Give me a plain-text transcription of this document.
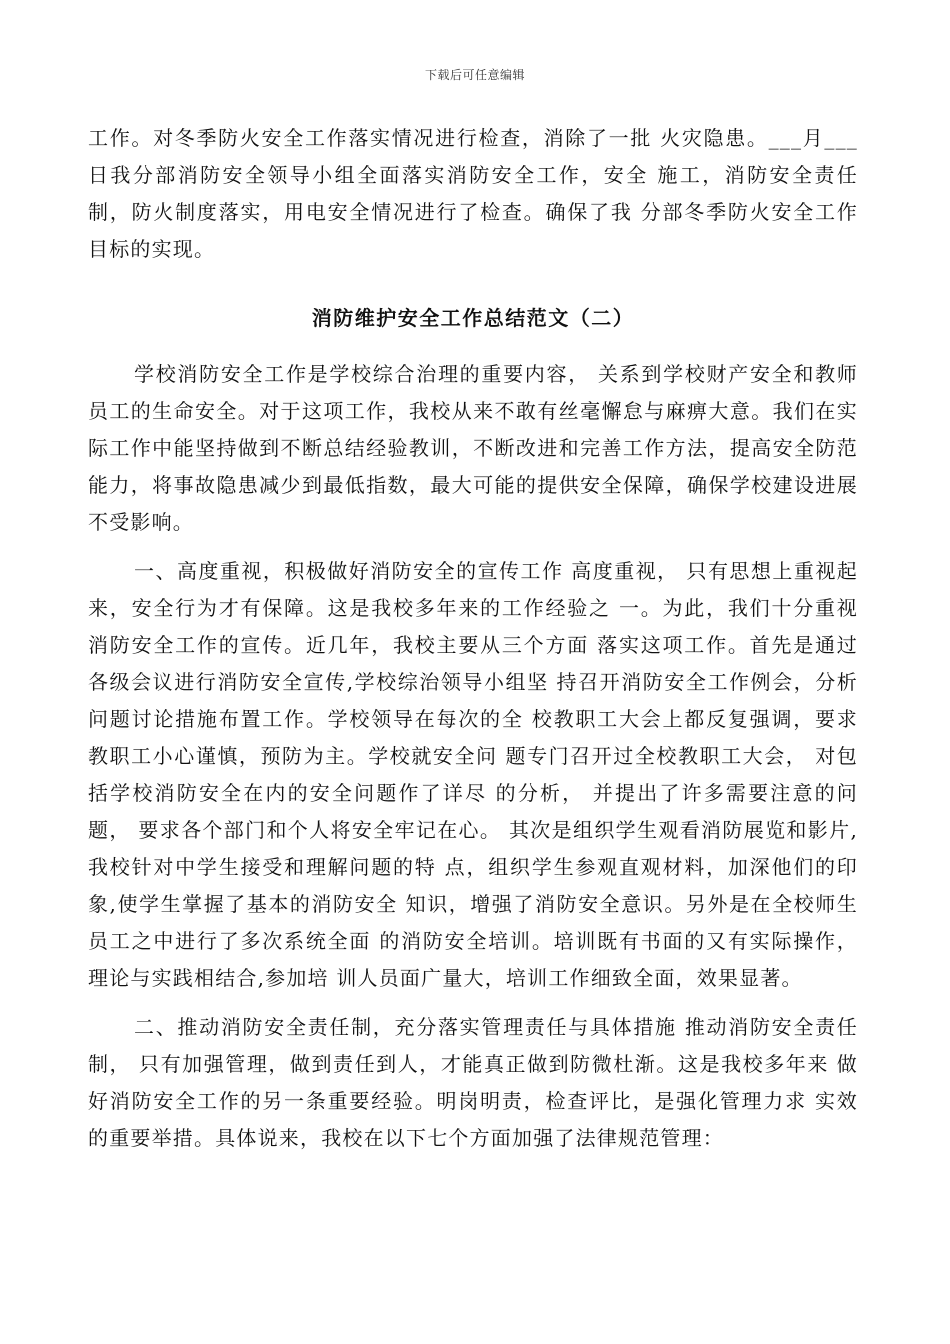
下载后可任意编辑

工作。对冬季防火安全工作落实情况进行检查，消除了一批 火灾隐患。___月___日我分部消防安全领导小组全面落实消防安全工作，安全 施工，消防安全责任制，防火制度落实，用电安全情况进行了检查。确保了我 分部冬季防火安全工作目标的实现。

消防维护安全工作总结范文（二）

学校消防安全工作是学校综合治理的重要内容， 关系到学校财产安全和教师员工的生命安全。对于这项工作，我校从来不敢有丝毫懈怠与麻痹大意。我们在实际工作中能坚持做到不断总结经验教训，不断改进和完善工作方法，提高安全防范能力，将事故隐患减少到最低指数，最大可能的提供安全保障，确保学校建设进展不受影响。

一、高度重视，积极做好消防安全的宣传工作 高度重视， 只有思想上重视起来，安全行为才有保障。这是我校多年来的工作经验之 一。为此，我们十分重视消防安全工作的宣传。近几年，我校主要从三个方面 落实这项工作。首先是通过各级会议进行消防安全宣传,学校综治领导小组坚 持召开消防安全工作例会，分析问题讨论措施布置工作。学校领导在每次的全 校教职工大会上都反复强调，要求教职工小心谨慎，预防为主。学校就安全问 题专门召开过全校教职工大会， 对包括学校消防安全在内的安全问题作了详尽 的分析， 并提出了许多需要注意的问题， 要求各个部门和个人将安全牢记在心。 其次是组织学生观看消防展览和影片,我校针对中学生接受和理解问题的特 点，组织学生参观直观材料，加深他们的印象,使学生掌握了基本的消防安全 知识，增强了消防安全意识。另外是在全校师生员工之中进行了多次系统全面 的消防安全培训。培训既有书面的又有实际操作，理论与实践相结合,参加培 训人员面广量大，培训工作细致全面，效果显著。

二、推动消防安全责任制，充分落实管理责任与具体措施 推动消防安全责任制， 只有加强管理，做到责任到人，才能真正做到防微杜渐。这是我校多年来 做好消防安全工作的另一条重要经验。明岗明责，检查评比，是强化管理力求 实效的重要举措。具体说来，我校在以下七个方面加强了法律规范管理：
